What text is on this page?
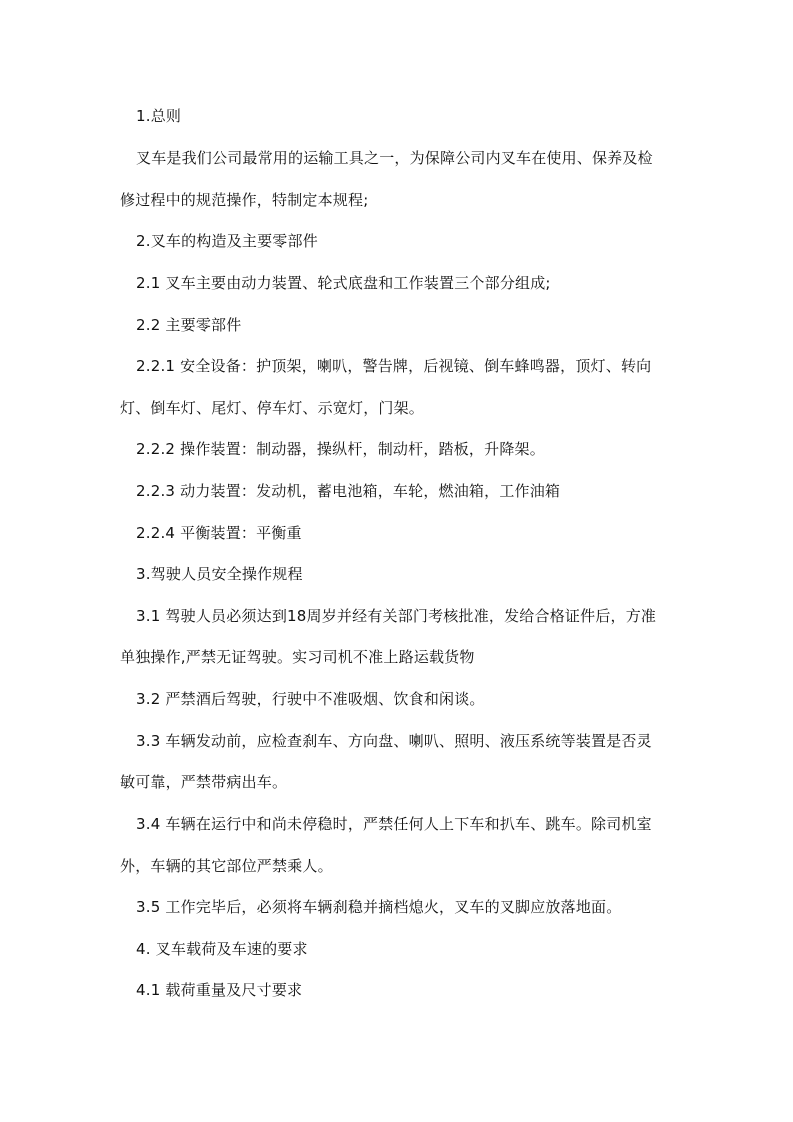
1.总则
叉车是我们公司最常用的运输工具之一，为保障公司内叉车在使用、保养及检
修过程中的规范操作，特制定本规程;
2.叉车的构造及主要零部件
2.1 叉车主要由动力装置、轮式底盘和工作装置三个部分组成;
2.2 主要零部件
2.2.1 安全设备：护顶架，喇叭，警告牌，后视镜、倒车蜂鸣器，顶灯、转向
灯、倒车灯、尾灯、停车灯、示宽灯，门架。
2.2.2 操作装置：制动器，操纵杆，制动杆，踏板，升降架。
2.2.3 动力装置：发动机，蓄电池箱，车轮，燃油箱，工作油箱
2.2.4 平衡装置：平衡重
3.驾驶人员安全操作规程
3.1 驾驶人员必须达到18周岁并经有关部门考核批准，发给合格证件后，方准
单独操作,严禁无证驾驶。实习司机不准上路运载货物
3.2 严禁酒后驾驶，行驶中不准吸烟、饮食和闲谈。
3.3 车辆发动前，应检查刹车、方向盘、喇叭、照明、液压系统等装置是否灵
敏可靠，严禁带病出车。
3.4 车辆在运行中和尚未停稳时，严禁任何人上下车和扒车、跳车。除司机室
外，车辆的其它部位严禁乘人。
3.5 工作完毕后，必须将车辆刹稳并摘档熄火，叉车的叉脚应放落地面。
4. 叉车载荷及车速的要求
4.1 载荷重量及尺寸要求
